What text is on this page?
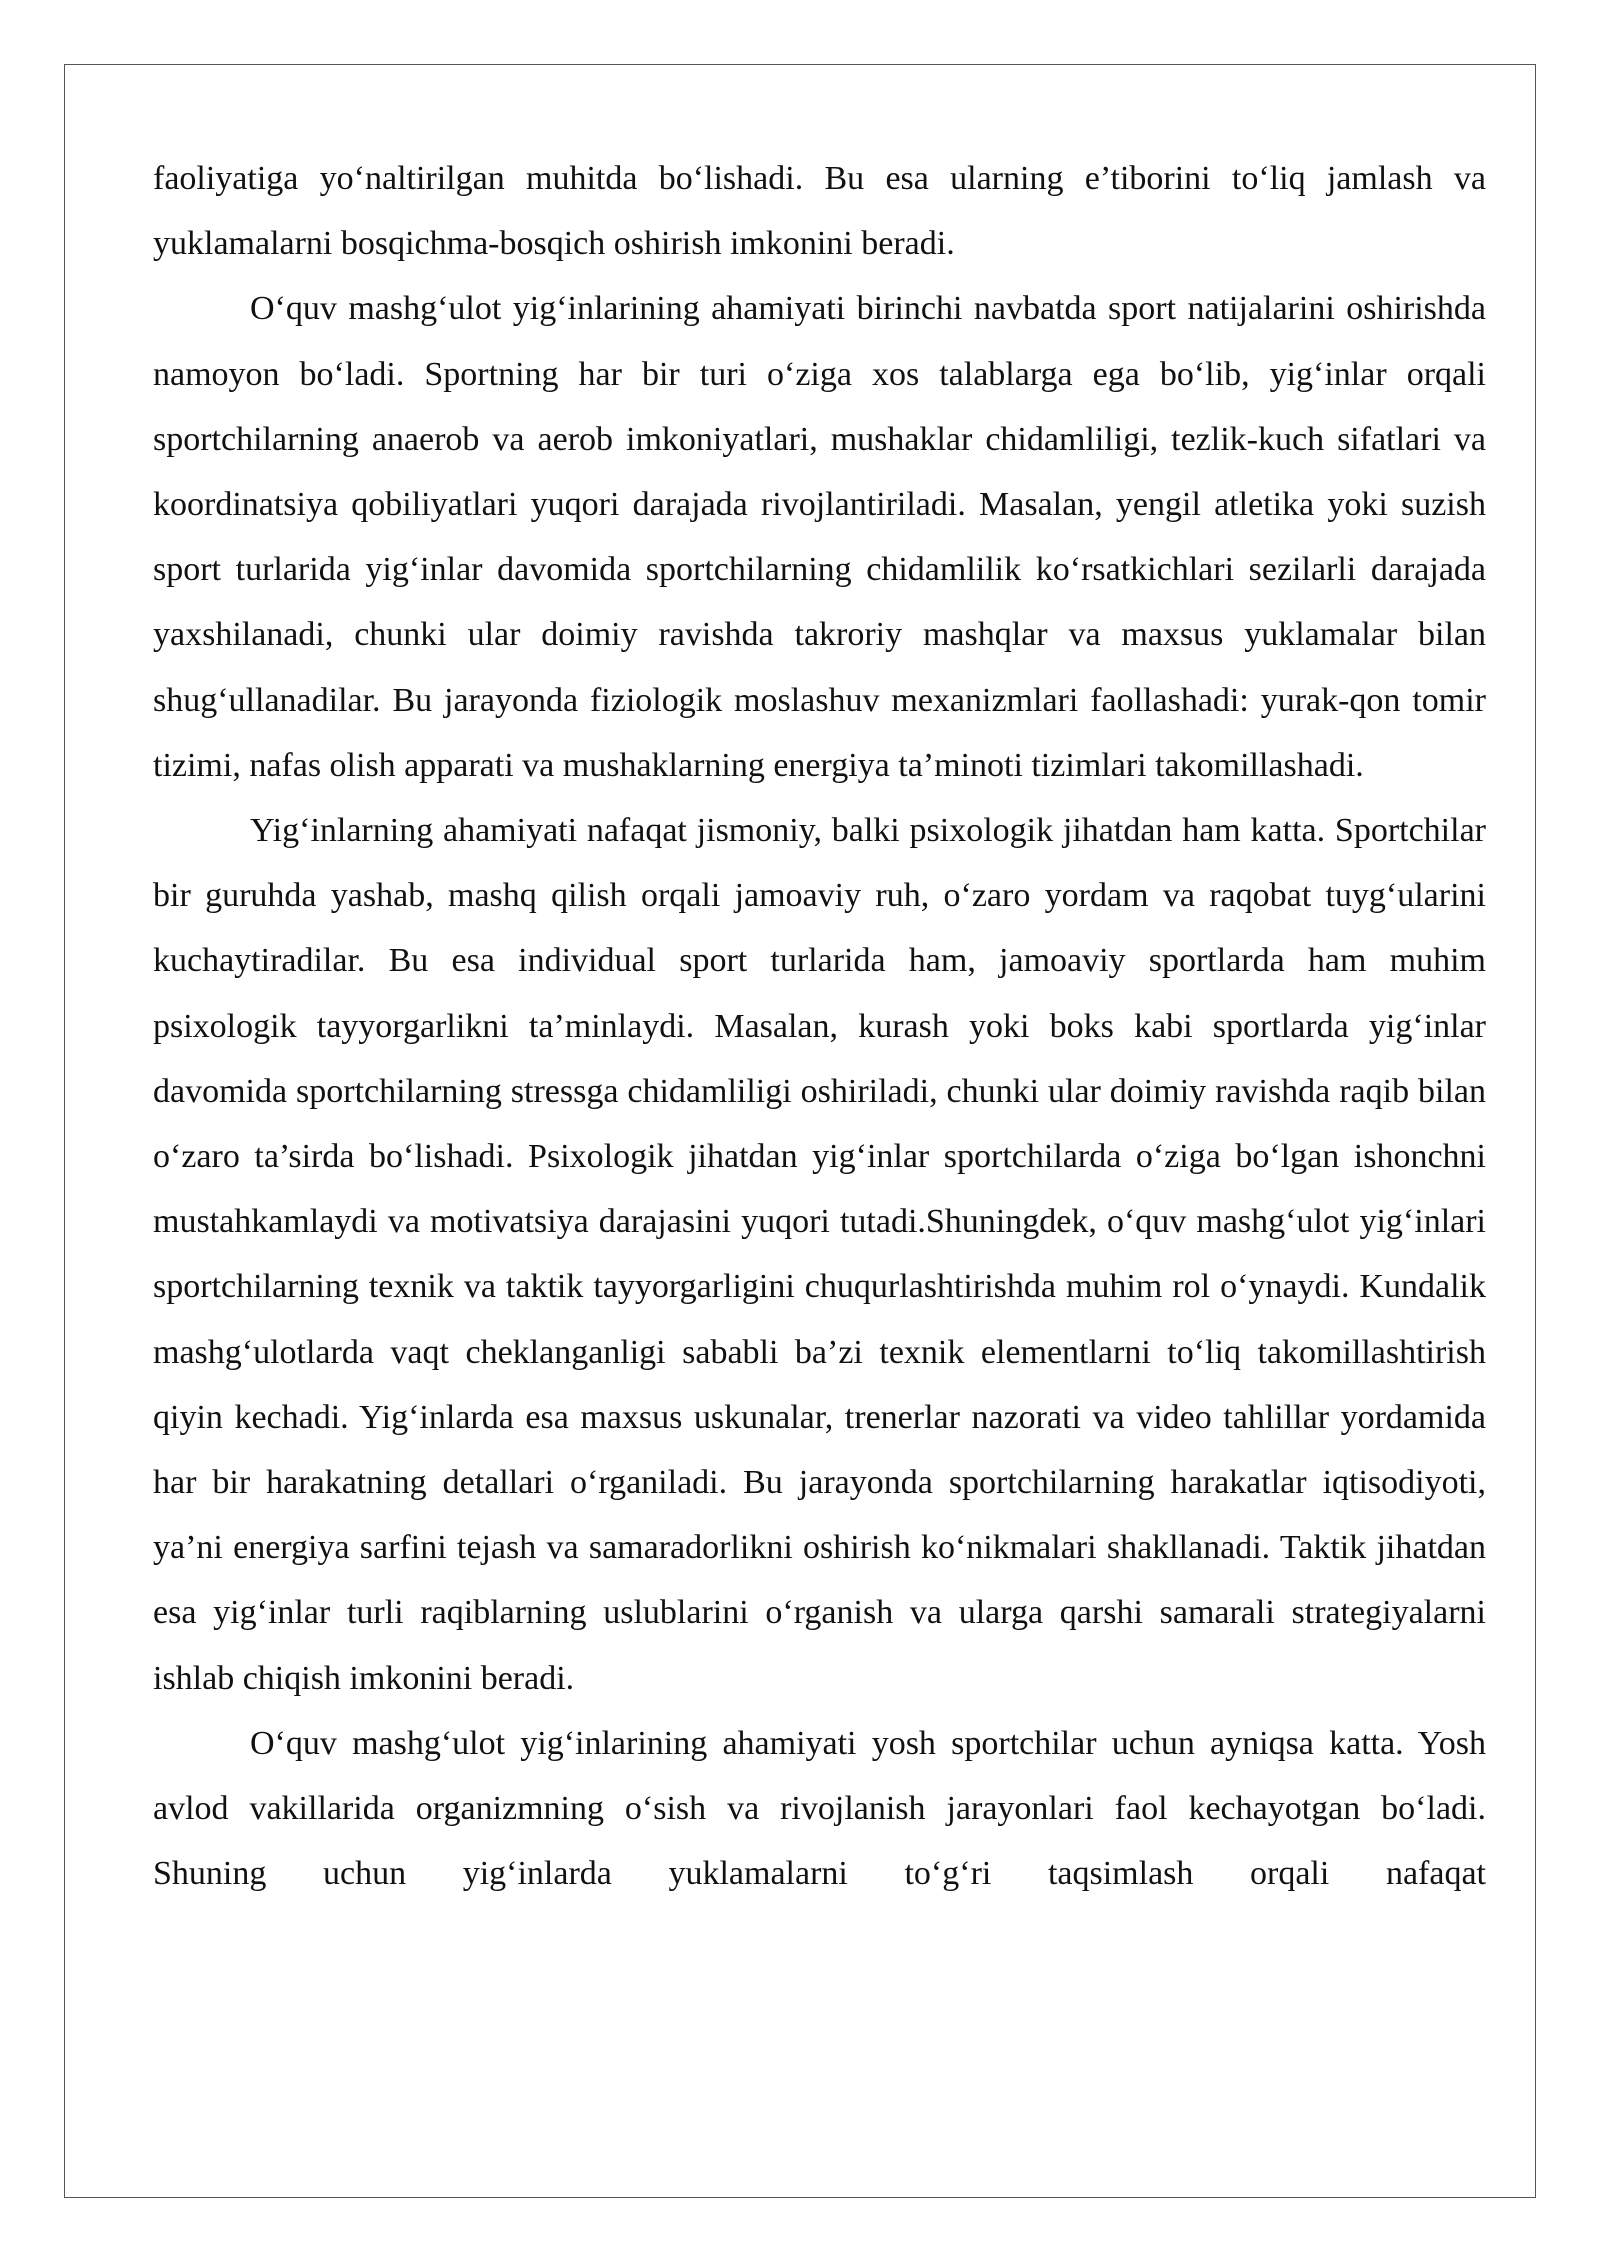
faoliyatiga yo‘naltirilgan muhitda bo‘lishadi. Bu esa ularning e’tiborini to‘liq jamlash va yuklamalarni bosqichma-bosqich oshirish imkonini beradi.

O‘quv mashg‘ulot yig‘inlarining ahamiyati birinchi navbatda sport natijalarini oshirishda namoyon bo‘ladi. Sportning har bir turi o‘ziga xos talablarga ega bo‘lib, yig‘inlar orqali sportchilarning anaerob va aerob imkoniyatlari, mushaklar chidamliligi, tezlik-kuch sifatlari va koordinatsiya qobiliyatlari yuqori darajada rivojlantiriladi. Masalan, yengil atletika yoki suzish sport turlarida yig‘inlar davomida sportchilarning chidamlilik ko‘rsatkichlari sezilarli darajada yaxshilanadi, chunki ular doimiy ravishda takroriy mashqlar va maxsus yuklamalar bilan shug‘ullanadilar. Bu jarayonda fiziologik moslashuv mexanizmlari faollashadi: yurak-qon tomir tizimi, nafas olish apparati va mushaklarning energiya ta’minoti tizimlari takomillashadi.

Yig‘inlarning ahamiyati nafaqat jismoniy, balki psixologik jihatdan ham katta. Sportchilar bir guruhda yashab, mashq qilish orqali jamoaviy ruh, o‘zaro yordam va raqobat tuyg‘ularini kuchaytiradilar. Bu esa individual sport turlarida ham, jamoaviy sportlarda ham muhim psixologik tayyorgarlikni ta’minlaydi. Masalan, kurash yoki boks kabi sportlarda yig‘inlar davomida sportchilarning stressga chidamliligi oshiriladi, chunki ular doimiy ravishda raqib bilan o‘zaro ta’sirda bo‘lishadi. Psixologik jihatdan yig‘inlar sportchilarda o‘ziga bo‘lgan ishonchni mustahkamlaydi va motivatsiya darajasini yuqori tutadi.Shuningdek, o‘quv mashg‘ulot yig‘inlari sportchilarning texnik va taktik tayyorgarligini chuqurlashtirishda muhim rol o‘ynaydi. Kundalik mashg‘ulotlarda vaqt cheklanganligi sababli ba’zi texnik elementlarni to‘liq takomillashtirish qiyin kechadi. Yig‘inlarda esa maxsus uskunalar, trenerlar nazorati va video tahlillar yordamida har bir harakatning detallari o‘rganiladi. Bu jarayonda sportchilarning harakatlar iqtisodiyoti, ya’ni energiya sarfini tejash va samaradorlikni oshirish ko‘nikmalari shakllanadi. Taktik jihatdan esa yig‘inlar turli raqiblarning uslublarini o‘rganish va ularga qarshi samarali strategiyalarni ishlab chiqish imkonini beradi.

O‘quv mashg‘ulot yig‘inlarining ahamiyati yosh sportchilar uchun ayniqsa katta. Yosh avlod vakillarida organizmning o‘sish va rivojlanish jarayonlari faol kechayotgan bo‘ladi. Shuning uchun yig‘inlarda yuklamalarni to‘g‘ri taqsimlash orqali nafaqat
